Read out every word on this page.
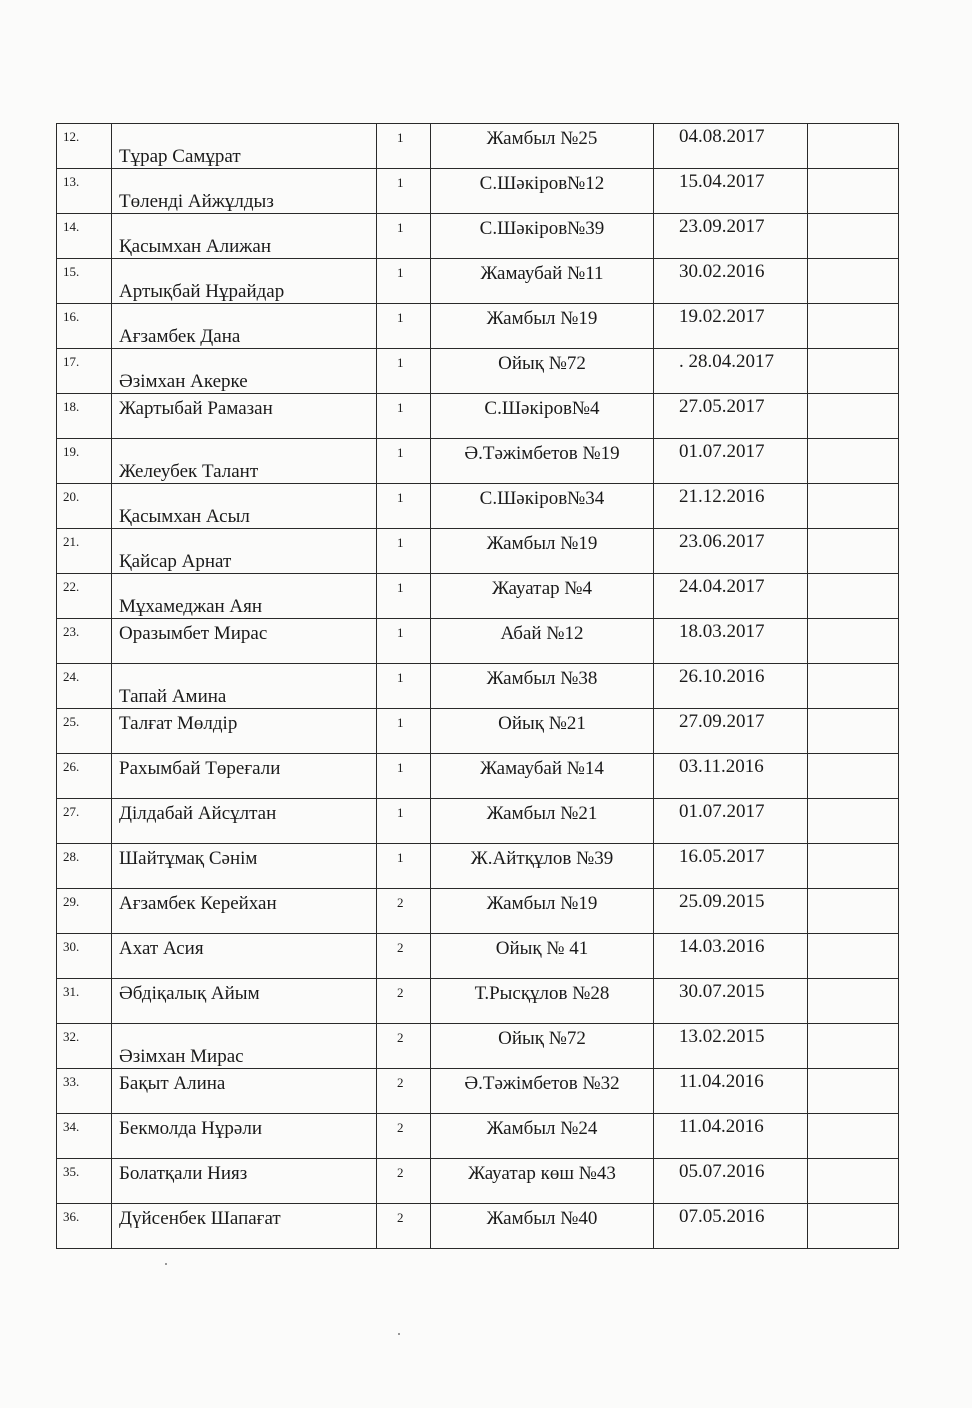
12.	Тұрар Самұрат	1	Жамбыл №25	04.08.2017	

13.	Төленді Айжұлдыз	1	С.Шәкіров№12	15.04.2017	

14.	Қасымхан Алижан	1	С.Шәкіров№39	23.09.2017	

15.	Артықбай Нұрайдар	1	Жамаубай №11	30.02.2016	

16.	Ағзамбек Дана	1	Жамбыл №19	19.02.2017	

17.	Әзімхан Акерке	1	Ойық №72	. 28.04.2017	

18.	Жартыбай Рамазан	1	С.Шәкіров№4	27.05.2017	

19.	Желеубек Талант	1	Ә.Тәжімбетов №19	01.07.2017	

20.	Қасымхан Асыл	1	С.Шәкіров№34	21.12.2016	

21.	Қайсар Арнат	1	Жамбыл №19	23.06.2017	

22.	Мұхамеджан Аян	1	Жауатар №4	24.04.2017	

23.	Оразымбет Мирас	1	Абай №12	18.03.2017	

24.	Тапай Амина	1	Жамбыл №38	26.10.2016	

25.	Талғат Мөлдір	1	Ойық №21	27.09.2017	

26.	Рахымбай Төреғали	1	Жамаубай №14	03.11.2016	

27.	Ділдабай Айсұлтан	1	Жамбыл №21	01.07.2017	

28.	Шайтұмақ Сәнім	1	Ж.Айтқұлов №39	16.05.2017	

29.	Ағзамбек Керейхан	2	Жамбыл №19	25.09.2015	

30.	Ахат Асия	2	Ойық № 41	14.03.2016	

31.	Әбдіқалық Айым	2	Т.Рысқұлов №28	30.07.2015	

32.	Әзімхан Мирас	2	Ойық №72	13.02.2015	

33.	Бақыт Алина	2	Ә.Тәжімбетов №32	11.04.2016	

34.	Бекмолда Нұрәли	2	Жамбыл №24	11.04.2016	

35.	Болатқали Нияз	2	Жауатар көш №43	05.07.2016	

36.	Дүйсенбек Шапағат	2	Жамбыл №40	07.05.2016	
